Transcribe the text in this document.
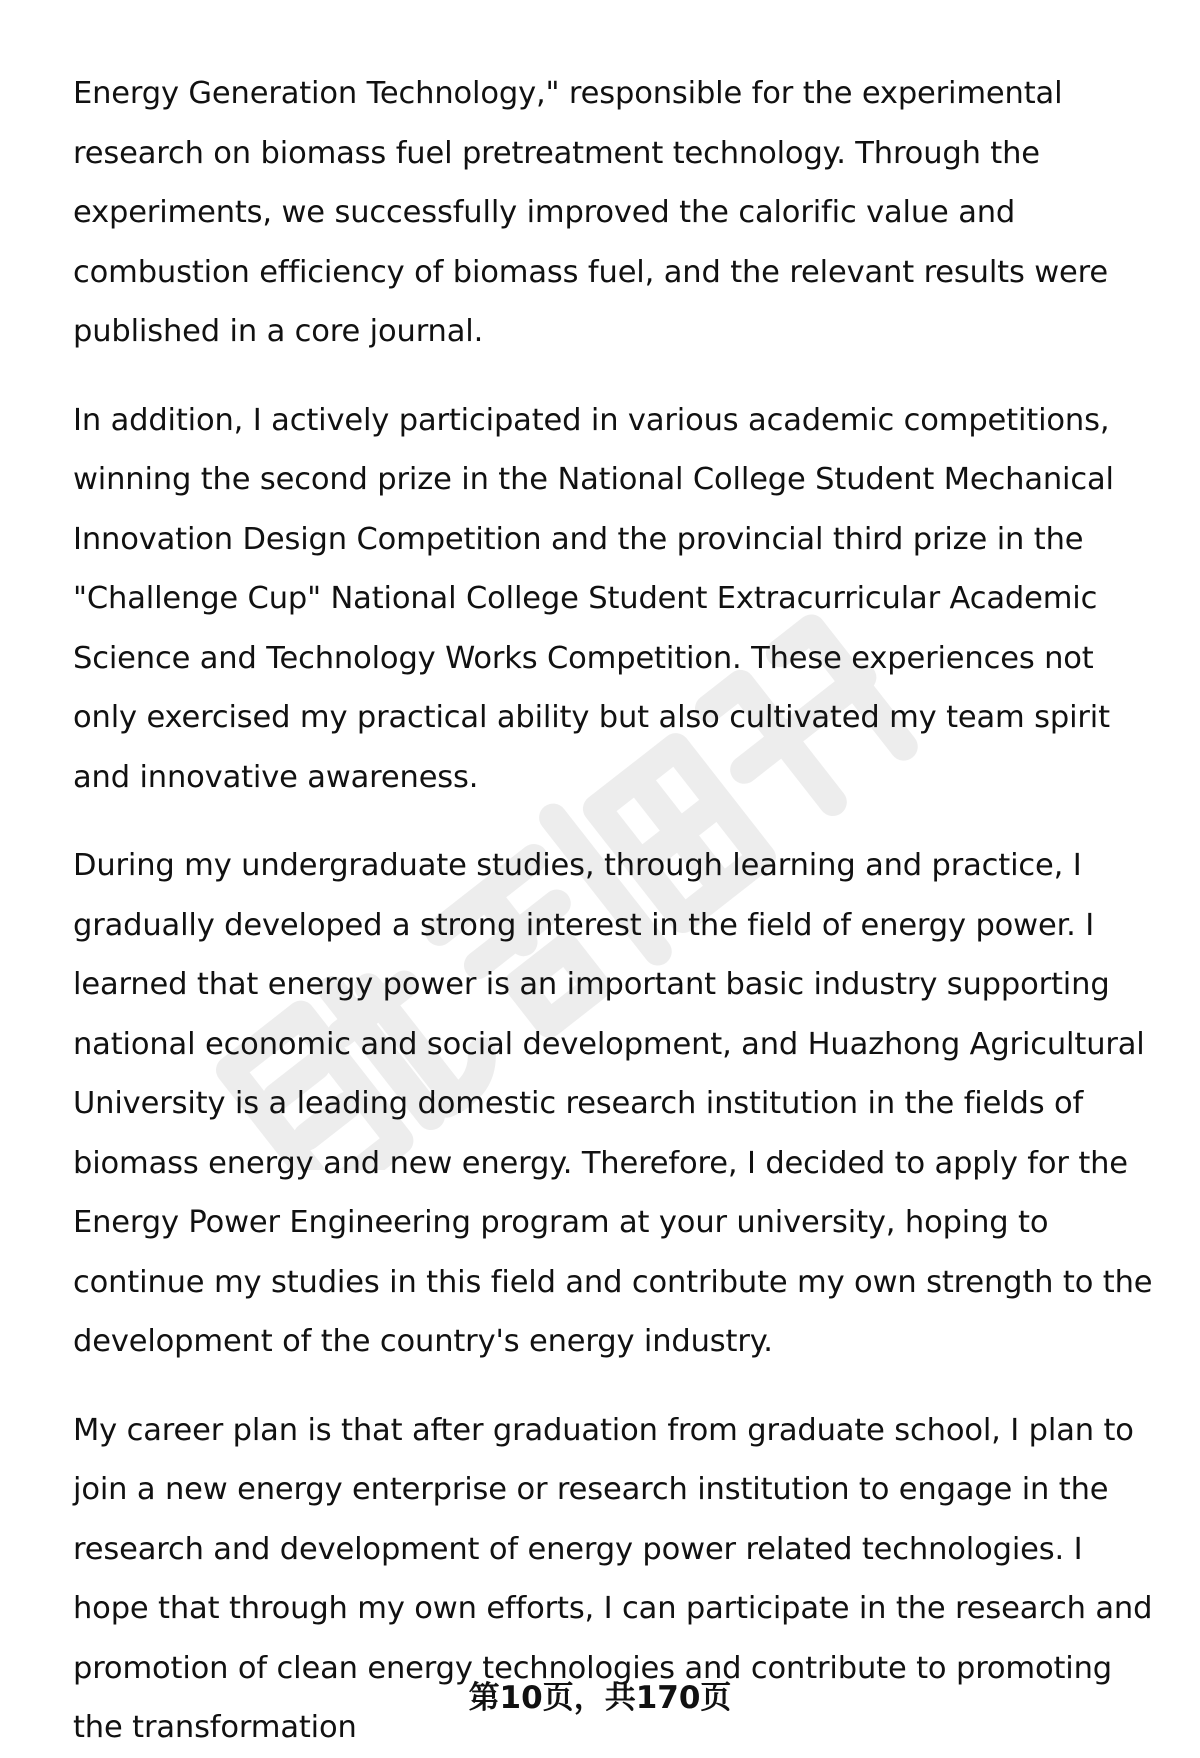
Energy Generation Technology," responsible for the experimental research on biomass fuel pretreatment technology. Through the experiments, we successfully improved the calorific value and combustion efficiency of biomass fuel, and the relevant results were published in a core journal.

In addition, I actively participated in various academic competitions, winning the second prize in the National College Student Mechanical Innovation Design Competition and the provincial third prize in the "Challenge Cup" National College Student Extracurricular Academic Science and Technology Works Competition. These experiences not only exercised my practical ability but also cultivated my team spirit and innovative awareness.

During my undergraduate studies, through learning and practice, I gradually developed a strong interest in the field of energy power. I learned that energy power is an important basic industry supporting national economic and social development, and Huazhong Agricultural University is a leading domestic research institution in the fields of biomass energy and new energy. Therefore, I decided to apply for the Energy Power Engineering program at your university, hoping to continue my studies in this field and contribute my own strength to the development of the country's energy industry.

My career plan is that after graduation from graduate school, I plan to join a new energy enterprise or research institution to engage in the research and development of energy power related technologies. I hope that through my own efforts, I can participate in the research and promotion of clean energy technologies and contribute to promoting the transformation

第10页，共170页
